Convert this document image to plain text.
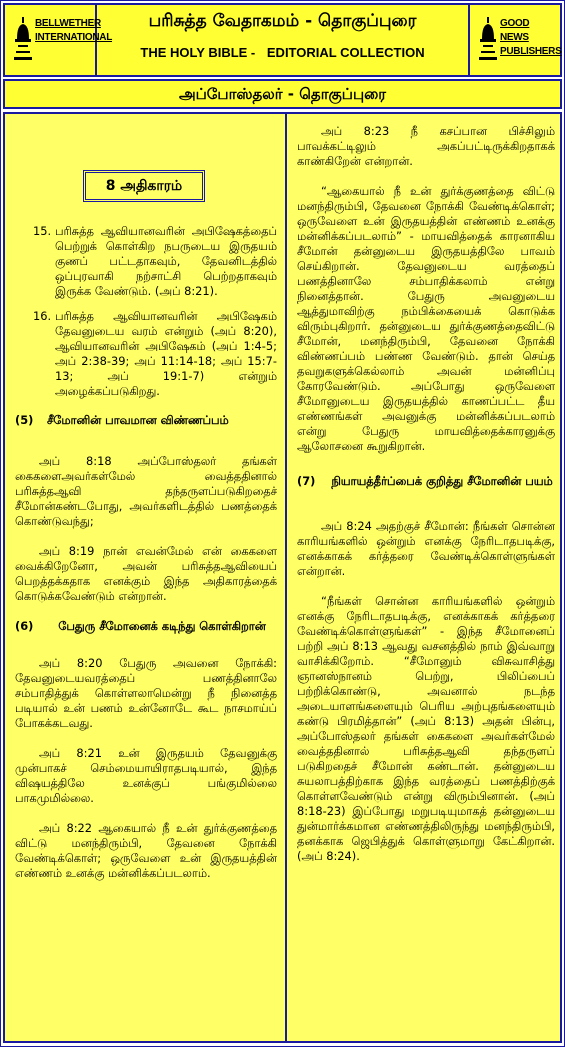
BELLWETHER
INTERNATIONAL
பரிசுத்த வேதாகமம் - தொகுப்புரை
THE HOLY BIBLE - EDITORIAL COLLECTION
GOOD NEWS
PUBLISHERS
அப்போஸ்தலர் - தொகுப்புரை
8 அதிகாரம்
15. பரிசுத்த ஆவியானவரின் அபிஷேகத்தைப் பெற்றுக் கொள்கிற நபருடைய இருதயம் குணப் பட்டதாகவும், தேவனிடத்தில் ஒப்புரவாகி நற்சாட்சி பெற்றதாகவும் இருக்க வேண்டும். (அப் 8:21).
16. பரிசுத்த ஆவியானவரின் அபிஷேகம் தேவனுடைய வரம் என்றும் (அப் 8:20), ஆவியானவரின் அபிஷேகம் (அப் 1:4-5; அப் 2:38-39; அப் 11:14-18; அப் 15:7-13; அப் 19:1-7) என்றும் அழைக்கப்படுகிறது.
(5)	சீமோனின் பாவமான விண்ணப்பம்

அப் 8:18 அப்போஸ்தலர் தங்கள் கைகளைஅவர்கள்மேல் வைத்ததினால் பரிசுத்தஆவி தந்தருளப்படுகிறதைச் சீமோன்கண்டபோது, அவர்களிடத்தில் பணத்தைக் கொண்டுவந்து;

அப் 8:19 நான் எவன்மேல் என் கைகளை வைக்கிறேனோ, அவன் பரிசுத்தஆவியைப் பெறத்தக்கதாக எனக்கும் இந்த அதிகாரத்தைக் கொடுக்கவேண்டும் என்றான்.

(6)	பேதுரு சீமோனைக் கடிந்து கொள்கிறான்

அப் 8:20 பேதுரு அவனை நோக்கி: தேவனுடையவரத்தைப் பணத்தினாலே சம்பாதித்துக் கொள்ளலாமென்று நீ நினைத்த படியால் உன் பணம் உன்னோடே கூட நாசமாய்ப் போகக்கடவது.

அப் 8:21 உன் இருதயம் தேவனுக்கு முன்பாகச் செம்மையாயிராதபடியால், இந்த விஷயத்திலே உனக்குப் பங்குமில்லை பாகமுமில்லை.

அப் 8:22 ஆகையால் நீ உன் துர்க்குணத்தை விட்டு மனந்திரும்பி, தேவனை நோக்கி வேண்டிக்கொள்; ஒருவேளை உன் இருதயத்தின் எண்ணம் உனக்கு மன்னிக்கப்படலாம்.

அப் 8:23 நீ கசப்பான பிச்சிலும் பாவக்கட்டிலும் அகப்பட்டிருக்கிறதாகக் காண்கிறேன் என்றான்.

“ஆகையால் நீ உன் துர்க்குணத்தை விட்டு மனந்திரும்பி, தேவனை நோக்கி வேண்டிக்கொள்; ஒருவேளை உன் இருதயத்தின் எண்ணம் உனக்கு மன்னிக்கப்படலாம்” - மாயவித்தைக் காரனாகிய சீமோன் தன்னுடைய இருதயத்திலே பாவம் செய்கிறான். தேவனுடைய வரத்தைப் பணத்தினாலே சம்பாதிக்கலாம் என்று நினைத்தான். பேதுரு அவனுடைய ஆத்துமாவிற்கு நம்பிக்கையைக் கொடுக்க விரும்புகிறார். தன்னுடைய துர்க்குணத்தைவிட்டு சீமோன், மனந்திரும்பி, தேவனை நோக்கி விண்ணப்பம் பண்ண வேண்டும். தான் செய்த தவறுகளுக்கெல்லாம் அவன் மன்னிப்பு கோரவேண்டும். அப்போது ஒருவேளை சீமோனுடைய இருதயத்தில் காணப்பட்ட தீய எண்ணங்கள் அவனுக்கு மன்னிக்கப்படலாம் என்று பேதுரு மாயவித்தைக்காரனுக்கு ஆலோசனை கூறுகிறான்.

(7)	நியாயத்தீர்ப்பைக் குறித்து சீமோனின் பயம்

அப் 8:24 அதற்குச் சீமோன்: நீங்கள் சொன்ன காரியங்களில் ஒன்றும் எனக்கு நேரிடாதபடிக்கு, எனக்காகக் கர்த்தரை வேண்டிக்கொள்ளுங்கள் என்றான்.

“நீங்கள் சொன்ன காரியங்களில் ஒன்றும் எனக்கு நேரிடாதபடிக்கு, எனக்காகக் கர்த்தரை வேண்டிக்கொள்ளுங்கள்” - இந்த சீமோனைப் பற்றி அப் 8:13 ஆவது வசனத்தில் நாம் இவ்வாறு வாசிக்கிறோம். “சீமோனும் விசுவாசித்து ஞானஸ்நானம் பெற்று, பிலிப்பைப் பற்றிக்கொண்டு, அவனால் நடந்த அடையாளங்களையும் பெரிய அற்புதங்களையும் கண்டு பிரமித்தான்” (அப் 8:13) அதன் பின்பு, அப்போஸ்தலர் தங்கள் கைகளை அவர்கள்மேல் வைத்ததினால் பரிசுத்தஆவி தந்தருளப் படுகிறதைச் சீமோன் கண்டான். தன்னுடைய சுயலாபத்திற்காக இந்த வரத்தைப் பணத்திற்குக் கொள்ளவேண்டும் என்று விரும்பினான். (அப் 8:18-23) இப்போது மறுபடியுமாகத் தன்னுடைய துன்மார்க்கமான எண்ணத்திலிருந்து மனந்திரும்பி, தனக்காக ஜெபித்துக் கொள்ளுமாறு கேட்கிறான். (அப் 8:24).
